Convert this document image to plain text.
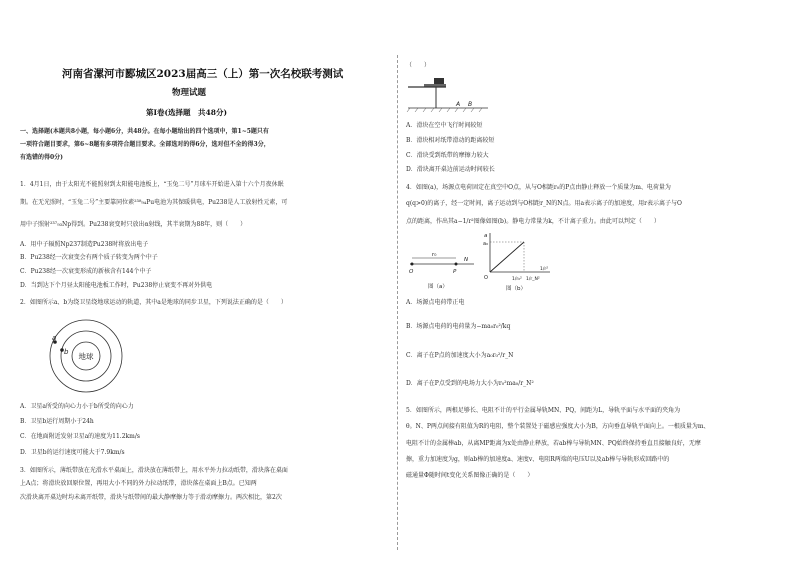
河南省漯河市郾城区2023届高三（上）第一次名校联考测试
物理试题
第Ⅰ卷(选择题　共48分)
一、选择题(本题共8小题，每小题6分，共48分。在每小题给出的四个选项中，第1~5题只有
一项符合题目要求，第6~8题有多项符合题目要求。全部选对的得6分，选对但不全的得3分，
有选错的得0分)
1．4月1日，由于太阳光不能照射到太阳能电池板上，“玉兔二号”月球车开始进入第十六个月夜休眠
期。在无光照时，“玉兔二号”主要靠同位素²³⁸₉₄Pu电池为其保暖供电，Pu238是人工放射性元素，可
用中子照射²³⁷₉₃Np得到。Pu238衰变时只放出α射线，其半衰期为88年，则（　　）
A．用中子辐照Np237制造Pu238时将放出电子
B．Pu238经一次衰变会有两个质子转变为两个中子
C．Pu238经一次衰变形成的新核含有144个中子
D．当到达下个月昼太阳能电池板工作时，Pu238停止衰变不再对外供电
2．如图所示a、b为绕卫星绕地球运动的轨道，其中a是地球的同步卫星，下列说法正确的是（　　）
地球
a
b
A．卫星a所受的向心力小于b所受的向心力
B．卫星b运行周期小于24h
C．在地面附近发射卫星a的速度为11.2km/s
D．卫星b的运行速度可能大于7.9km/s
3．如图所示，薄纸带放在光滑水平桌面上，滑块放在薄纸带上，用水平外力拉动纸带，滑块落在桌面
上A点；将滑块放回原位置，再用大小不同的外力拉动纸带，滑块落在桌面上B点。已知两
次滑块离开桌边时均未离开纸带，滑块与纸带间的最大静摩擦力等于滑动摩擦力。两次相比，第2次
（　　）
A B
A．滑块在空中飞行时间较短
B．滑块相对纸带滑动的距离较短
C．滑块受到纸带的摩擦力较大
D．滑块离开桌边前运动时间较长
4．如图(a)，场源点电荷固定在真空中O点，从与O相距r₀的P点由静止释放一个质量为m、电荷量为
q(q>0)的离子，经一定时间，离子运动到与O相距r_N的N点。用a表示离子的加速度，用r表示离子与O
点的距离，作出其a−1/r²图像如图(b)。静电力常量为k，不计离子重力。由此可以判定（　　）
r₀
O	P
N
图（a）
a
a₀
O	1/r₀² 1/r_N²
1/r²
图（b）
A．场源点电荷带正电
B．场源点电荷的电荷量为−ma₀r₀²/kq
C．离子在P点的加速度大小为a₀r₀²/r_N
D．离子在P点受到的电场力大小为r₀²ma₀/r_N²
5．如图所示，两根足够长、电阻不计的平行金属导轨MN、PQ，间距为L，导轨平面与水平面的夹角为
θ。N、P两点间接有阻值为R的电阻，整个装置处于磁感应强度大小为B，方向垂直导轨平面向上。一根质量为m、
电阻不计的金属棒ab，从离MP距离为x处由静止释放，若ab棒与导轨MN、PQ始终保持垂直且接触良好，无摩
擦，重力加速度为g，则ab棒的加速度a、速度v、电阻R两端的电压U以及ab棒与导轨形成回路中的
磁通量Φ随时间t变化关系图像正确的是（　　）
